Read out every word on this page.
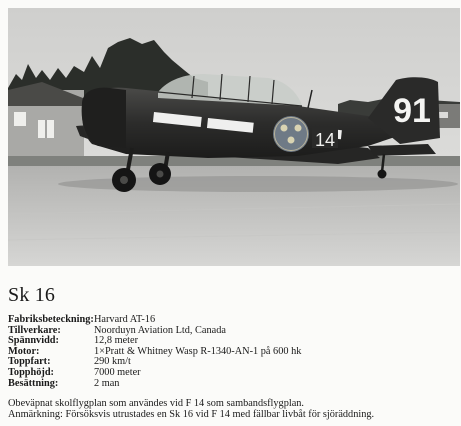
14
91
Sk 16
Fabriksbeteckning: Harvard AT-16
Tillverkare:	Noorduyn Aviation Ltd, Canada
Spännvidd:	12,8 meter
Motor:	1×Pratt & Whitney Wasp R-1340-AN-1 på 600 hk
Toppfart:	290 km/t
Topphöjd:	7000 meter
Besättning:	2 man
Obeväpnat skolflygplan som användes vid F 14 som sambandsflygplan.
Anmärkning: Försöksvis utrustades en Sk 16 vid F 14 med fällbar livbåt för sjöräddning.
